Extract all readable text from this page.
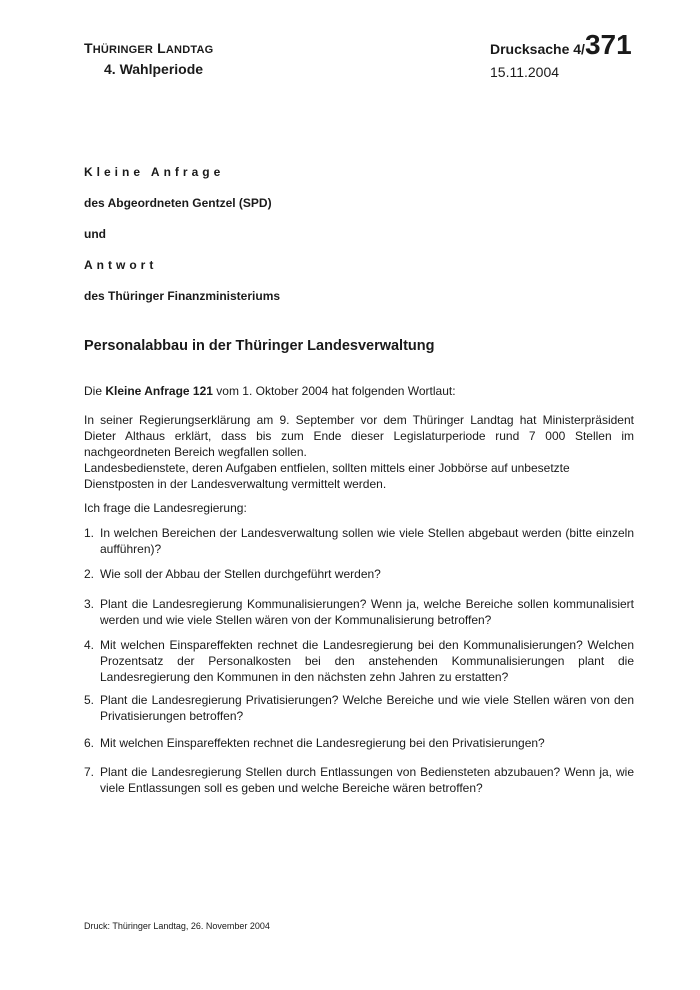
THÜRINGER LANDTAG
4. Wahlperiode
Drucksache 4/371
15.11.2004
Kleine Anfrage
des Abgeordneten Gentzel (SPD)
und
Antwort
des Thüringer Finanzministeriums
Personalabbau in der Thüringer Landesverwaltung
Die Kleine Anfrage 121 vom 1. Oktober 2004 hat folgenden Wortlaut:
In seiner Regierungserklärung am 9. September vor dem Thüringer Landtag hat Ministerpräsident Dieter Althaus erklärt, dass bis zum Ende dieser Legislaturperiode rund 7 000 Stellen im nachgeordneten Bereich wegfallen sollen.
Landesbedienstete, deren Aufgaben entfielen, sollten mittels einer Jobbörse auf unbesetzte Dienstposten in der Landesverwaltung vermittelt werden.
Ich frage die Landesregierung:
1. In welchen Bereichen der Landesverwaltung sollen wie viele Stellen abgebaut werden (bitte einzeln aufführen)?
2. Wie soll der Abbau der Stellen durchgeführt werden?
3. Plant die Landesregierung Kommunalisierungen? Wenn ja, welche Bereiche sollen kommunalisiert werden und wie viele Stellen wären von der Kommunalisierung betroffen?
4. Mit welchen Einspareffekten rechnet die Landesregierung bei den Kommunalisierungen? Welchen Prozentsatz der Personalkosten bei den anstehenden Kommunalisierungen plant die Landesregierung den Kommunen in den nächsten zehn Jahren zu erstatten?
5. Plant die Landesregierung Privatisierungen? Welche Bereiche und wie viele Stellen wären von den Privatisierungen betroffen?
6. Mit welchen Einspareffekten rechnet die Landesregierung bei den Privatisierungen?
7. Plant die Landesregierung Stellen durch Entlassungen von Bediensteten abzubauen? Wenn ja, wie viele Entlassungen soll es geben und welche Bereiche wären betroffen?
Druck: Thüringer Landtag, 26. November 2004
